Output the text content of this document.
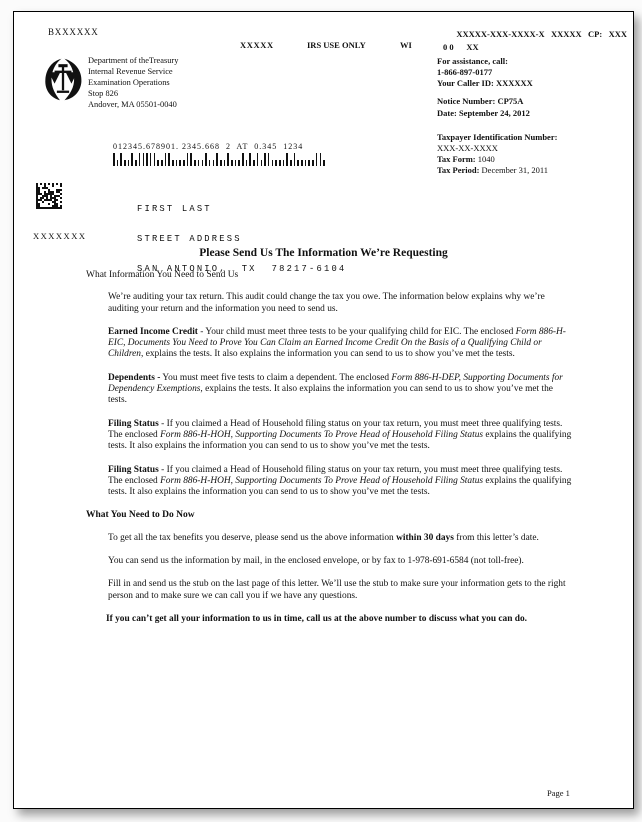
BXXXXXX
XXXXX	IRS USE ONLY	WI
XXXXX-XXX-XXXX-X   XXXXX   CP:   XXX
0 0      XX
For assistance, call:
1-866-897-0177
Your Caller ID: XXXXXX
Notice Number: CP75A
Date: September 24, 2012
Taxpayer Identification Number:
XXX-XX-XXXX
Tax Form: 1040
Tax Period: December 31, 2011
Department of theTreasury
Internal Revenue Service
Examination Operations
Stop 826
Andover, MA 05501-0040
012345.678901. 2345.668  2  AT  0.345  1234

FIRST LAST

STREET ADDRESS

SAN ANTONIO,  TX  78217-6104

XXXXXXX
Please Send Us The Information We’re Requesting
What Information You Need to Send Us

We’re auditing your tax return. This audit could change the tax you owe. The information below explains why we’re auditing your return and the information you need to send us.

Earned Income Credit - Your child must meet three tests to be your qualifying child for EIC. The enclosed Form 886-H-EIC, Documents You Need to Prove You Can Claim an Earned Income Credit On the Basis of a Qualifying Child or Children, explains the tests. It also explains the information you can send to us to show you’ve met the tests.

Dependents - You must meet five tests to claim a dependent. The enclosed Form 886-H-DEP, Supporting Documents for Dependency Exemptions, explains the tests. It also explains the information you can send to us to show you’ve met the tests.

Filing Status - If you claimed a Head of Household filing status on your tax return, you must meet three qualifying tests. The enclosed Form 886-H-HOH, Supporting Documents To Prove Head of Household Filing Status explains the qualifying tests. It also explains the information you can send to us to show you’ve met the tests.

Filing Status - If you claimed a Head of Household filing status on your tax return, you must meet three qualifying tests. The enclosed Form 886-H-HOH, Supporting Documents To Prove Head of Household Filing Status explains the qualifying tests. It also explains the information you can send to us to show you’ve met the tests.

What You Need to Do Now

To get all the tax benefits you deserve, please send us the above information within 30 days from this letter’s date.

You can send us the information by mail, in the enclosed envelope, or by fax to 1-978-691-6584 (not toll-free).

Fill in and send us the stub on the last page of this letter. We’ll use the stub to make sure your information gets to the right person and to make sure we can call you if we have any questions.

If you can’t get all your information to us in time, call us at the above number to discuss what you can do.

Page 1
